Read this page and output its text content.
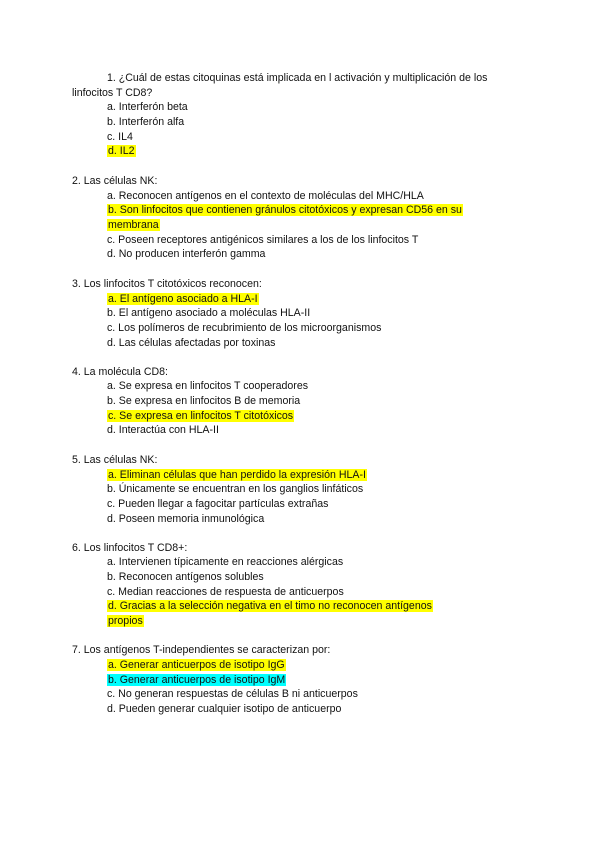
1. ¿Cuál de estas citoquinas está implicada en l activación y multiplicación de los
linfocitos T CD8?
a. Interferón beta
b. Interferón alfa
c. IL4
d. IL2
2. Las células NK:
a. Reconocen antígenos en el contexto de moléculas del MHC/HLA
b. Son linfocitos que contienen gránulos citotóxicos y expresan CD56 en su
membrana
c. Poseen receptores antigénicos similares a los de los linfocitos T
d. No producen interferón gamma
3. Los linfocitos T citotóxicos reconocen:
a. El antígeno asociado a HLA-I
b. El antígeno asociado a moléculas HLA-II
c. Los polímeros de recubrimiento de los microorganismos
d. Las células afectadas por toxinas
4. La molécula CD8:
a. Se expresa en linfocitos T cooperadores
b. Se expresa en linfocitos B de memoria
c. Se expresa en linfocitos T citotóxicos
d. Interactúa con HLA-II
5. Las células NK:
a. Eliminan células que han perdido la expresión HLA-I
b. Únicamente se encuentran en los ganglios linfáticos
c. Pueden llegar a fagocitar partículas extrañas
d. Poseen memoria inmunológica
6. Los linfocitos T CD8+:
a. Intervienen típicamente en reacciones alérgicas
b. Reconocen antígenos solubles
c. Median reacciones de respuesta de anticuerpos
d. Gracias a la selección negativa en el timo no reconocen antígenos
propios
7. Los antígenos T-independientes se caracterizan por:
a. Generar anticuerpos de isotipo IgG
b. Generar anticuerpos de isotipo IgM
c. No generan respuestas de células B ni anticuerpos
d. Pueden generar cualquier isotipo de anticuerpo
